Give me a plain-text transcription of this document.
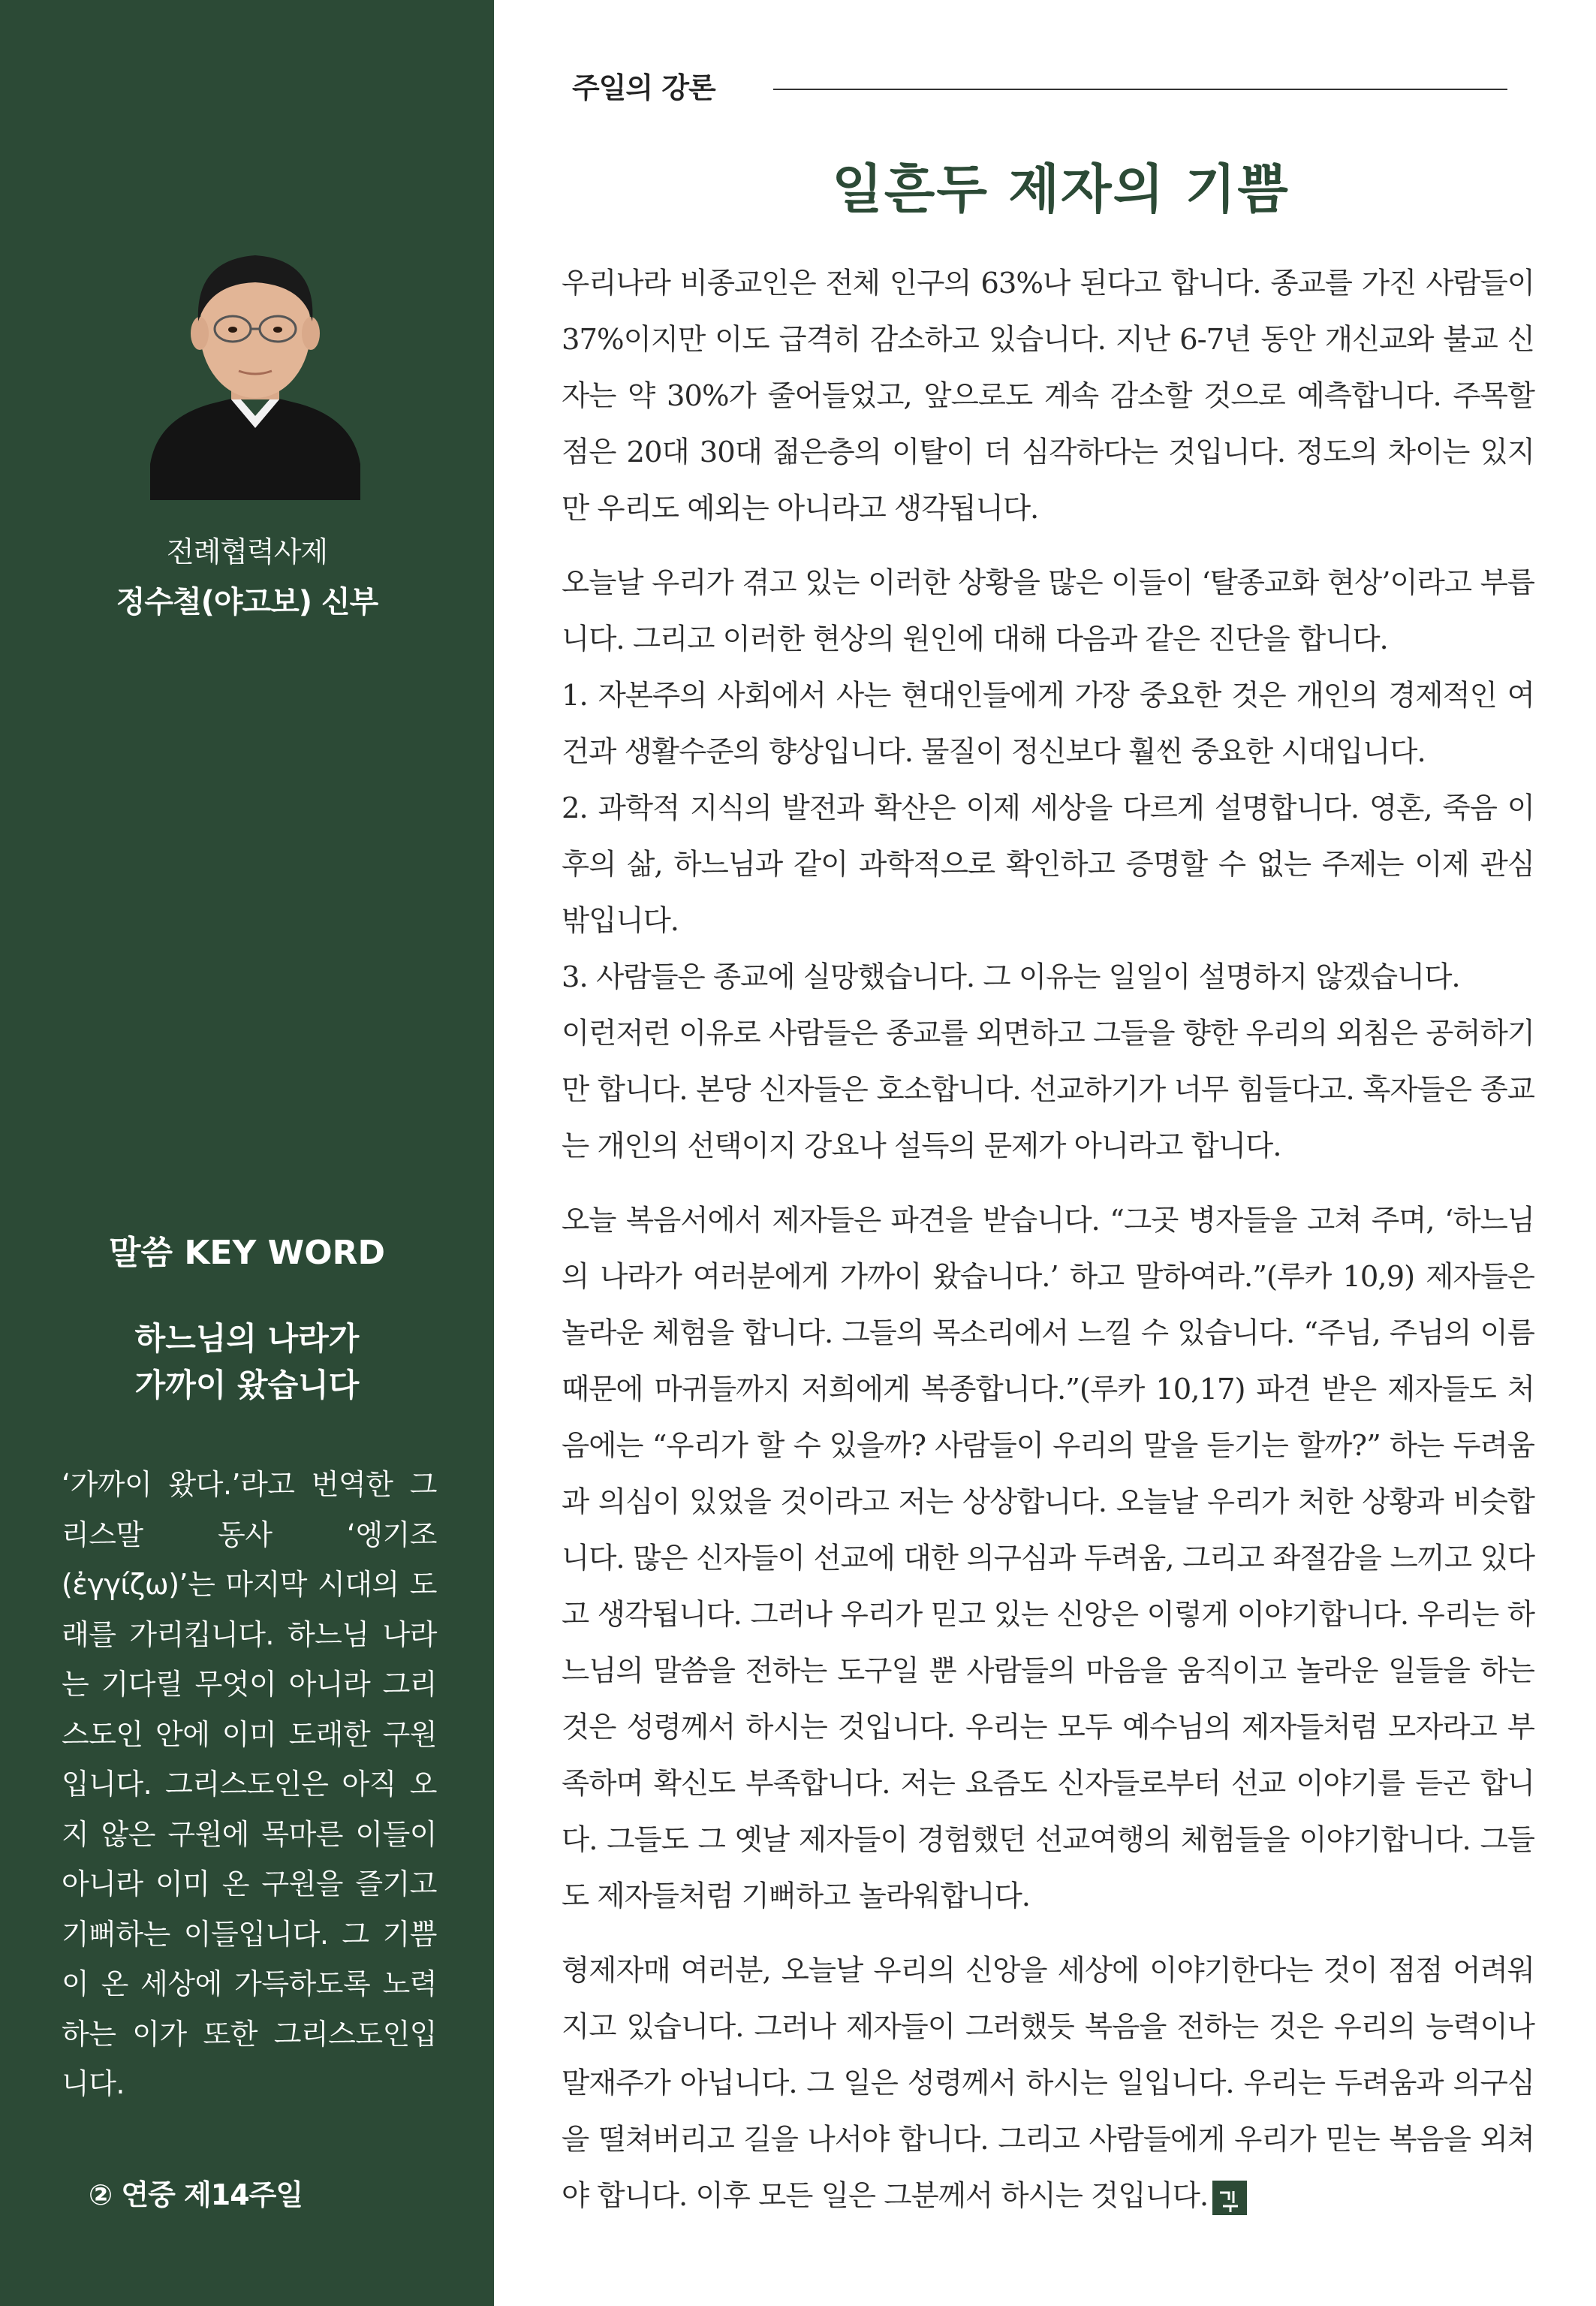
전례협력사제
정수철(야고보) 신부
말씀 KEY WORD
하느님의 나라가
가까이 왔습니다
‘가까이 왔다.’라고 번역한 그리스말 동사 ‘엥기조(ἐγγίζω)’는 마지막 시대의 도래를 가리킵니다. 하느님 나라는 기다릴 무엇이 아니라 그리스도인 안에 이미 도래한 구원입니다. 그리스도인은 아직 오지 않은 구원에 목마른 이들이 아니라 이미 온 구원을 즐기고 기뻐하는 이들입니다. 그 기쁨이 온 세상에 가득하도록 노력하는 이가 또한 그리스도인입니다.
② 연중 제14주일
주일의 강론
일흔두 제자의 기쁨

우리나라 비종교인은 전체 인구의 63%나 된다고 합니다. 종교를 가진 사람들이 37%이지만 이도 급격히 감소하고 있습니다. 지난 6-7년 동안 개신교와 불교 신자는 약 30%가 줄어들었고, 앞으로도 계속 감소할 것으로 예측합니다. 주목할 점은 20대 30대 젊은층의 이탈이 더 심각하다는 것입니다. 정도의 차이는 있지만 우리도 예외는 아니라고 생각됩니다.

오늘날 우리가 겪고 있는 이러한 상황을 많은 이들이 ‘탈종교화 현상’이라고 부릅니다. 그리고 이러한 현상의 원인에 대해 다음과 같은 진단을 합니다.
1. 자본주의 사회에서 사는 현대인들에게 가장 중요한 것은 개인의 경제적인 여건과 생활수준의 향상입니다. 물질이 정신보다 훨씬 중요한 시대입니다.
2. 과학적 지식의 발전과 확산은 이제 세상을 다르게 설명합니다. 영혼, 죽음 이후의 삶, 하느님과 같이 과학적으로 확인하고 증명할 수 없는 주제는 이제 관심 밖입니다.
3. 사람들은 종교에 실망했습니다. 그 이유는 일일이 설명하지 않겠습니다.
이런저런 이유로 사람들은 종교를 외면하고 그들을 향한 우리의 외침은 공허하기만 합니다. 본당 신자들은 호소합니다. 선교하기가 너무 힘들다고. 혹자들은 종교는 개인의 선택이지 강요나 설득의 문제가 아니라고 합니다.

오늘 복음서에서 제자들은 파견을 받습니다. “그곳 병자들을 고쳐 주며, ‘하느님의 나라가 여러분에게 가까이 왔습니다.’ 하고 말하여라.”(루카 10,9) 제자들은 놀라운 체험을 합니다. 그들의 목소리에서 느낄 수 있습니다. “주님, 주님의 이름 때문에 마귀들까지 저희에게 복종합니다.”(루카 10,17) 파견 받은 제자들도 처음에는 “우리가 할 수 있을까? 사람들이 우리의 말을 듣기는 할까?” 하는 두려움과 의심이 있었을 것이라고 저는 상상합니다. 오늘날 우리가 처한 상황과 비슷합니다. 많은 신자들이 선교에 대한 의구심과 두려움, 그리고 좌절감을 느끼고 있다고 생각됩니다. 그러나 우리가 믿고 있는 신앙은 이렇게 이야기합니다. 우리는 하느님의 말씀을 전하는 도구일 뿐 사람들의 마음을 움직이고 놀라운 일들을 하는 것은 성령께서 하시는 것입니다. 우리는 모두 예수님의 제자들처럼 모자라고 부족하며 확신도 부족합니다. 저는 요즘도 신자들로부터 선교 이야기를 듣곤 합니다. 그들도 그 옛날 제자들이 경험했던 선교여행의 체험들을 이야기합니다. 그들도 제자들처럼 기뻐하고 놀라워합니다.

형제자매 여러분, 오늘날 우리의 신앙을 세상에 이야기한다는 것이 점점 어려워지고 있습니다. 그러나 제자들이 그러했듯 복음을 전하는 것은 우리의 능력이나 말재주가 아닙니다. 그 일은 성령께서 하시는 일입니다. 우리는 두려움과 의구심을 떨쳐버리고 길을 나서야 합니다. 그리고 사람들에게 우리가 믿는 복음을 외쳐야 합니다. 이후 모든 일은 그분께서 하시는 것입니다.
